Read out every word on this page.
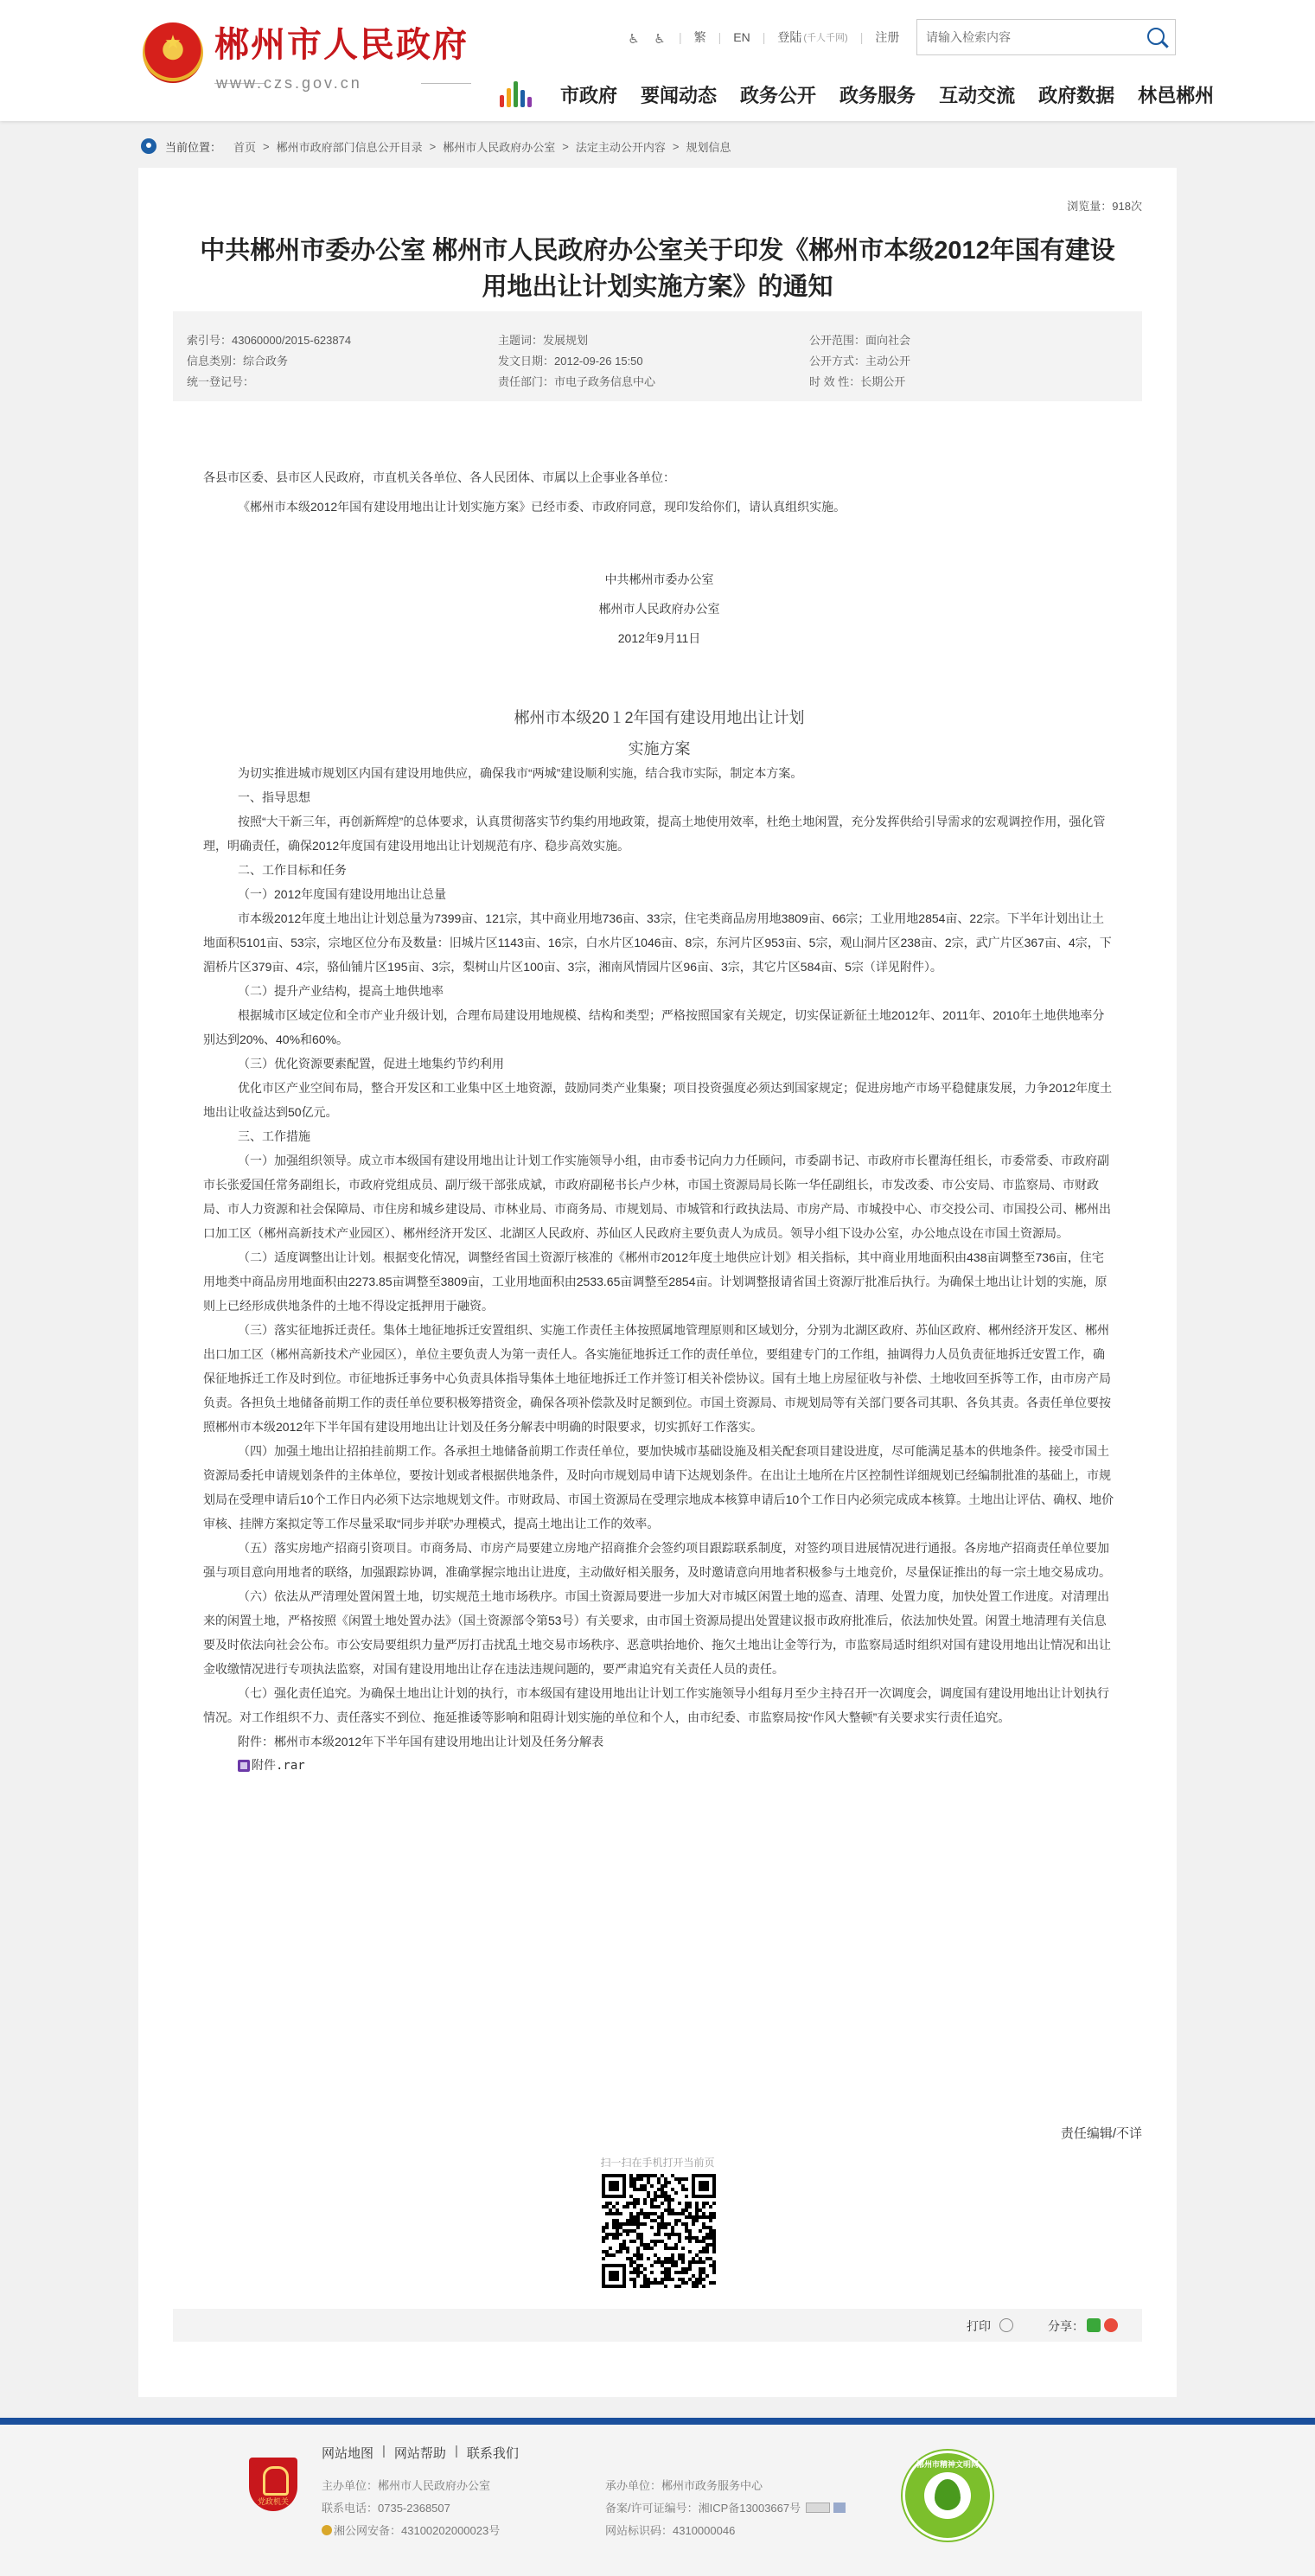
★ 郴州市人民政府
www.czs.gov.cn
♿ ♿ | 繁 | EN | 登陆 (千人千网) | 注册
请输入检索内容
市政府 要闻动态 政务公开 政务服务 互动交流 政府数据 林邑郴州
当前位置： 首页 > 郴州市政府部门信息公开目录 > 郴州市人民政府办公室 > 法定主动公开内容 > 规划信息
浏览量：918次
中共郴州市委办公室 郴州市人民政府办公室关于印发《郴州市本级2012年国有建设
用地出让计划实施方案》的通知
索引号：43060000/2015-623874	主题词：发展规划	公开范围：面向社会
信息类别：综合政务	发文日期：2012-09-26 15:50	公开方式：主动公开
统一登记号：	责任部门：市电子政务信息中心	时 效 性：长期公开

各县市区委、县市区人民政府，市直机关各单位、各人民团体、市属以上企事业各单位：

《郴州市本级2012年国有建设用地出让计划实施方案》已经市委、市政府同意，现印发给你们，请认真组织实施。

中共郴州市委办公室

郴州市人民政府办公室

2012年9月11日

郴州市本级20１2年国有建设用地出让计划

实施方案

为切实推进城市规划区内国有建设用地供应，确保我市“两城”建设顺利实施，结合我市实际，制定本方案。

一、指导思想

按照“大干新三年，再创新辉煌”的总体要求，认真贯彻落实节约集约用地政策，提高土地使用效率，杜绝土地闲置，充分发挥供给引导需求的宏观调控作用，强化管理，明确责任，确保2012年度国有建设用地出让计划规范有序、稳步高效实施。

二、工作目标和任务

（一）2012年度国有建设用地出让总量

市本级2012年度土地出让计划总量为7399亩、121宗，其中商业用地736亩、33宗，住宅类商品房用地3809亩、66宗；工业用地2854亩、22宗。下半年计划出让土地面积5101亩、53宗，宗地区位分布及数量：旧城片区1143亩、16宗，白水片区1046亩、8宗，东河片区953亩、5宗，观山洞片区238亩、2宗，武广片区367亩、4宗，下湄桥片区379亩、4宗，骆仙铺片区195亩、3宗，梨树山片区100亩、3宗，湘南风情园片区96亩、3宗，其它片区584亩、5宗（详见附件）。

（二）提升产业结构，提高土地供地率

根据城市区域定位和全市产业升级计划，合理布局建设用地规模、结构和类型；严格按照国家有关规定，切实保证新征土地2012年、2011年、2010年土地供地率分别达到20%、40%和60%。

（三）优化资源要素配置，促进土地集约节约利用

优化市区产业空间布局，整合开发区和工业集中区土地资源，鼓励同类产业集聚；项目投资强度必须达到国家规定；促进房地产市场平稳健康发展，力争2012年度土地出让收益达到50亿元。

三、工作措施

（一）加强组织领导。成立市本级国有建设用地出让计划工作实施领导小组，由市委书记向力力任顾问，市委副书记、市政府市长瞿海任组长，市委常委、市政府副市长张爱国任常务副组长，市政府党组成员、副厅级干部张成斌，市政府副秘书长卢少林，市国土资源局局长陈一华任副组长，市发改委、市公安局、市监察局、市财政局、市人力资源和社会保障局、市住房和城乡建设局、市林业局、市商务局、市规划局、市城管和行政执法局、市房产局、市城投中心、市交投公司、市国投公司、郴州出口加工区（郴州高新技术产业园区）、郴州经济开发区、北湖区人民政府、苏仙区人民政府主要负责人为成员。领导小组下设办公室，办公地点设在市国土资源局。

（二）适度调整出让计划。根据变化情况，调整经省国土资源厅核准的《郴州市2012年度土地供应计划》相关指标，其中商业用地面积由438亩调整至736亩，住宅用地类中商品房用地面积由2273.85亩调整至3809亩，工业用地面积由2533.65亩调整至2854亩。计划调整报请省国土资源厅批准后执行。为确保土地出让计划的实施，原则上已经形成供地条件的土地不得设定抵押用于融资。

（三）落实征地拆迁责任。集体土地征地拆迁安置组织、实施工作责任主体按照属地管理原则和区域划分，分别为北湖区政府、苏仙区政府、郴州经济开发区、郴州出口加工区（郴州高新技术产业园区），单位主要负责人为第一责任人。各实施征地拆迁工作的责任单位，要组建专门的工作组，抽调得力人员负责征地拆迁安置工作，确保征地拆迁工作及时到位。市征地拆迁事务中心负责具体指导集体土地征地拆迁工作并签订相关补偿协议。国有土地上房屋征收与补偿、土地收回至拆等工作，由市房产局负责。各担负土地储备前期工作的责任单位要积极筹措资金，确保各项补偿款及时足额到位。市国土资源局、市规划局等有关部门要各司其职、各负其责。各责任单位要按照郴州市本级2012年下半年国有建设用地出让计划及任务分解表中明确的时限要求，切实抓好工作落实。

（四）加强土地出让招拍挂前期工作。各承担土地储备前期工作责任单位，要加快城市基础设施及相关配套项目建设进度，尽可能满足基本的供地条件。接受市国土资源局委托申请规划条件的主体单位，要按计划或者根据供地条件，及时向市规划局申请下达规划条件。在出让土地所在片区控制性详细规划已经编制批准的基础上，市规划局在受理申请后10个工作日内必须下达宗地规划文件。市财政局、市国土资源局在受理宗地成本核算申请后10个工作日内必须完成成本核算。土地出让评估、确权、地价审核、挂牌方案拟定等工作尽量采取“同步并联”办理模式，提高土地出让工作的效率。

（五）落实房地产招商引资项目。市商务局、市房产局要建立房地产招商推介会签约项目跟踪联系制度，对签约项目进展情况进行通报。各房地产招商责任单位要加强与项目意向用地者的联络，加强跟踪协调，准确掌握宗地出让进度，主动做好相关服务，及时邀请意向用地者积极参与土地竞价，尽量保证推出的每一宗土地交易成功。

（六）依法从严清理处置闲置土地，切实规范土地市场秩序。市国土资源局要进一步加大对市城区闲置土地的巡查、清理、处置力度，加快处置工作进度。对清理出来的闲置土地，严格按照《闲置土地处置办法》（国土资源部令第53号）有关要求，由市国土资源局提出处置建议报市政府批准后，依法加快处置。闲置土地清理有关信息要及时依法向社会公布。市公安局要组织力量严厉打击扰乱土地交易市场秩序、恶意哄抬地价、拖欠土地出让金等行为，市监察局适时组织对国有建设用地出让情况和出让金收缴情况进行专项执法监察，对国有建设用地出让存在违法违规问题的，要严肃追究有关责任人员的责任。

（七）强化责任追究。为确保土地出让计划的执行，市本级国有建设用地出让计划工作实施领导小组每月至少主持召开一次调度会，调度国有建设用地出让计划执行情况。对工作组织不力、责任落实不到位、拖延推诿等影响和阻碍计划实施的单位和个人，由市纪委、市监察局按“作风大整顿”有关要求实行责任追究。

附件：郴州市本级2012年下半年国有建设用地出让计划及任务分解表

附件.rar
责任编辑/不详
扫一扫在手机打开当前页
打印	分享：
网站地图 | 网站帮助 | 联系我们
党政机关
主办单位：郴州市人民政府办公室
联系电话：0735-2368507
湘公网安备：43100202000023号
承办单位：郴州市政务服务中心
备案/许可证编号：湘ICP备13003667号
网站标识码：4310000046
郴州市精神文明网
